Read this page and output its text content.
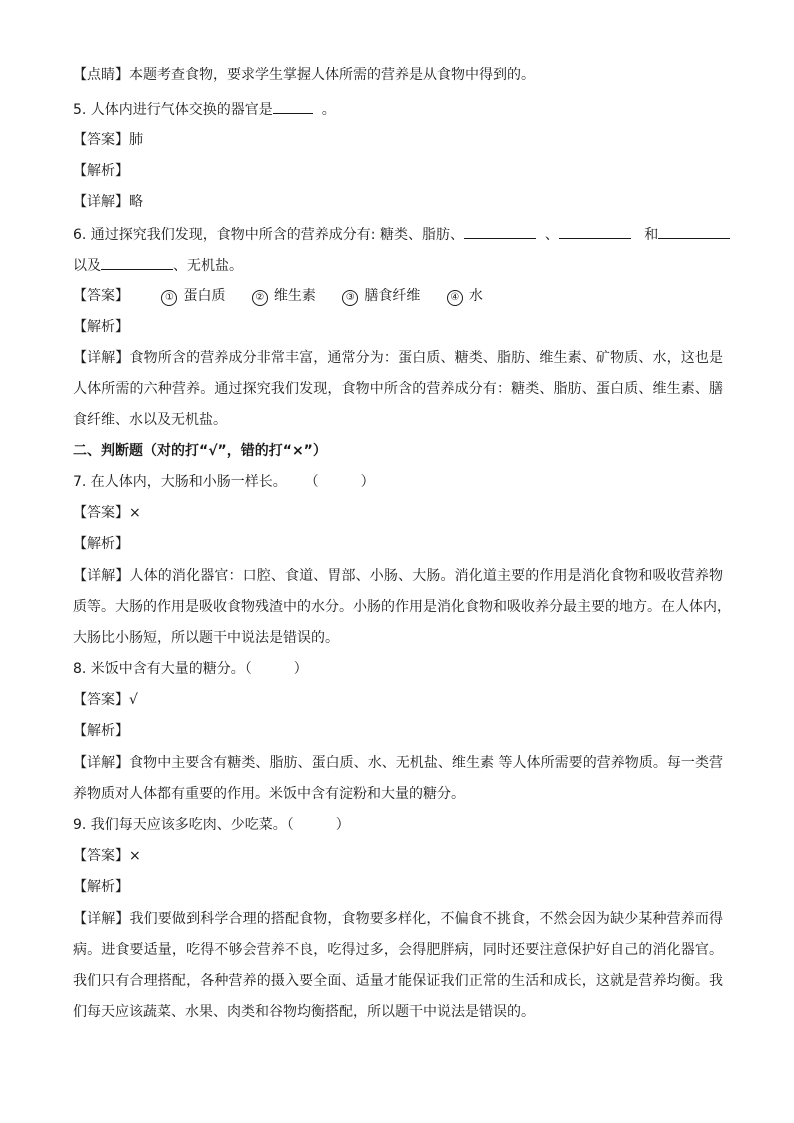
【点睛】本题考查食物，要求学生掌握人体所需的营养是从食物中得到的。
5. 人体内进行气体交换的器官是	。
【答案】肺
【解析】
【详解】略
6. 通过探究我们发现，食物中所含的营养成分有: 糖类、脂肪、	、	和
以及	、无机盐。
【答案】	① 蛋白质	② 维生素	③ 膳食纤维	④ 水
【解析】
【详解】食物所含的营养成分非常丰富，通常分为：蛋白质、糖类、脂肪、维生素、矿物质、水，这也是
人体所需的六种营养。通过探究我们发现，食物中所含的营养成分有：糖类、脂肪、蛋白质、维生素、膳
食纤维、水以及无机盐。
二、判断题（对的打“√”，错的打“×”）
7. 在人体内，大肠和小肠一样长。 （　　　）
【答案】×
【解析】
【详解】人体的消化器官：口腔、食道、胃部、小肠、大肠。消化道主要的作用是消化食物和吸收营养物
质等。大肠的作用是吸收食物残渣中的水分。小肠的作用是消化食物和吸收养分最主要的地方。在人体内，
大肠比小肠短，所以题干中说法是错误的。
8. 米饭中含有大量的糖分。（　　　）
【答案】√
【解析】
【详解】食物中主要含有糖类、脂肪、蛋白质、水、无机盐、维生素 等人体所需要的营养物质。每一类营
养物质对人体都有重要的作用。米饭中含有淀粉和大量的糖分。
9. 我们每天应该多吃肉、少吃菜。（　　　）
【答案】×
【解析】
【详解】我们要做到科学合理的搭配食物，食物要多样化，不偏食不挑食，不然会因为缺少某种营养而得
病。进食要适量，吃得不够会营养不良，吃得过多，会得肥胖病，同时还要注意保护好自己的消化器官。
我们只有合理搭配，各种营养的摄入要全面、适量才能保证我们正常的生活和成长，这就是营养均衡。我
们每天应该蔬菜、水果、肉类和谷物均衡搭配，所以题干中说法是错误的。
